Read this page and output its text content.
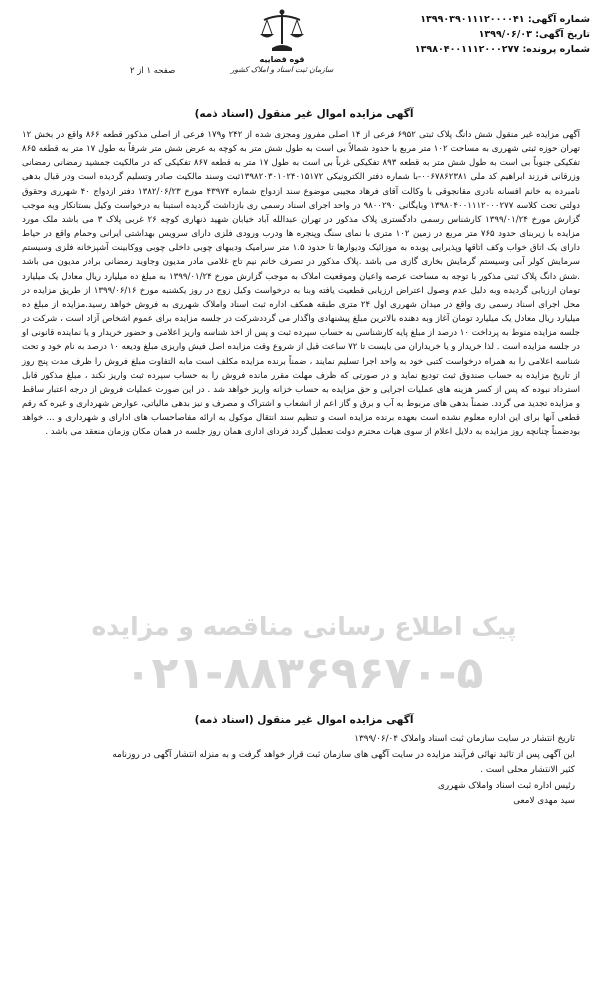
شماره آگهی: ۱۳۹۹۰۳۹۰۱۱۱۲۰۰۰۰۴۱
تاریخ آگهی: ۱۳۹۹/۰۶/۰۳
شماره پرونده: ۱۳۹۸۰۴۰۰۱۱۱۲۰۰۰۲۷۷
قوه قضاییه
سازمان ثبت اسناد و املاک کشور
صفحه ۱ از ۲
آگهی مزایده اموال غیر منقول (اسناد ذمه)
آگهی مزایده غیر منقول شش دانگ پلاک ثبتی ۶۹۵۲ فرعی از ۱۴ اصلی مفروز ومجزی شده از ۲۴۲ و۱۷۹ فرعی از اصلی مذکور قطعه ۸۶۶ واقع در بخش ۱۲ تهران حوزه ثبتی شهرری به مساحت ۱۰۲ متر مربع با حدود شمالاً بی است به طول شش متر به کوچه به عرض شش متر شرقاً به طول ۱۷ متر به قطعه ۸۶۵ تفکیکی جنوباً بی است به طول شش متر به قطعه ۸۹۳ تفکیکی غرباً بی است به طول ۱۷ متر به قطعه ۸۶۷ تفکیکی که در مالکیت جمشید رمضانی رمضانی وزرقانی فرزند ابراهیم کد ملی ۰۰۶۷۸۶۲۳۸۱-با شماره دفتر الکترونیکی ۱۳۹۸۲۰۳۰۱۰۲۴۰۱۵۱۷۲ثبت وسند مالکیت صادر وتسلیم گردیده است ودر قبال بدهی نامبرده به خانم افسانه نادری مقانجوقی با وکالت آقای فرهاد مجیبی موضوع سند ازدواج شماره ۴۳۹۷۴ مورخ ۱۳۸۲/۰۶/۲۳ دفتر ازدواج ۴۰ شهرری وحقوق دولتی تحت کلاسه ۱۳۹۸۰۴۰۰۱۱۱۲۰۰۰۲۷۷ وبایگانی ۹۸۰۰۲۹۰ در واحد اجرای اسناد رسمی ری بازداشت گردیده استبنا به درخواست وکیل بستانکار وبه موجب گزارش مورخ ۱۳۹۹/۰۱/۲۴ کارشناس رسمی دادگستری پلاک مذکور در تهران عبدالله آباد خیابان شهید ذنهاری کوچه ۲۶ غربی پلاک ۳ می باشد ملک مورد مزایده با زیربنای حدود ۷۶۵ متر مربع در زمین ۱۰۲ متری با نمای سنگ وپنجره ها ودرب ورودی فلزی دارای سرویس بهداشتی ایرانی وحمام واقع در حیاط دارای یک اتاق خواب وکف اتاقها وپذیرایی پوبده به موزائیک ودیوارها تا حدود ۱.۵ متر سرامیک ودیبهای چوبی داخلی چوبی ووکابینت آشپزخانه فلزی وسیستم سرمایش کولر آبی وسیستم گرمایش بخاری گازی می باشد .پلاک مذکور در تصرف خانم نیم تاج غلامی مادر مدیون وجاوید رمضانی برادر مدیون می باشد .شش دانگ پلاک ثبتی مذکور با توجه به مساحت عرصه واعیان وموقعیت املاک به موجب گزارش مورخ ۱۳۹۹/۰۱/۲۴ به مبلغ ده میلیارد ریال معادل یک میلیارد تومان ارزیابی گردیده وبه دلیل عدم وصول اعتراض ارزیابی قطعیت یافته وبنا به درخواست وکیل زوج در روز یکشنبه مورخ ۱۳۹۹/۰۶/۱۶ از طریق مزایده در محل اجرای اسناد رسمی ری واقع در میدان شهرری اول ۲۴ متری طبقه همکف اداره ثبت اسناد واملاک شهرری به فروش خواهد رسید.مزایده از مبلغ ده میلیارد ریال معادل یک میلیارد تومان آغاز وبه دهنده بالاترین مبلغ پیشنهادی واگذار می گرددشرکت در جلسه مزایده برای عموم اشخاص آزاد است ، شرکت در جلسه مزایده منوط به پرداخت ۱۰ درصد از مبلغ پایه کارشناسی به حساب سپرده ثبت و پس از اخذ شناسه واریز اعلامی و حضور خریدار و یا نماینده قانونی او در جلسه مزایده است . لذا خریدار و یا خریداران می بایست تا ۷۲ ساعت قبل از شروع وقت مزایده اصل فیش واریزی مبلغ ودیعه ۱۰ درصد به نام خود و تحت شناسه اعلامی را به همراه درخواست کتبی خود به واحد اجرا تسلیم نمایند ، ضمناً برنده مزایده مکلف است مابه التفاوت مبلغ فروش را ظرف مدت پنج روز از تاریخ مزایده به حساب صندوق ثبت تودیع نماید و در صورتی که ظرف مهلت مقرر مانده فروش را به حساب سپرده ثبت واریز نکند ، مبلغ مذکور قابل استرداد نبوده که پس از کسر هزینه های عملیات اجرایی و حق مزایده به حساب خزانه واریز خواهد شد . در این صورت عملیات فروش از درجه اعتبار ساقط و مزایده تجدید می گردد. ضمناً بدهی های مربوط به آب و برق و گاز اعم از انشعاب و اشتراک و مصرف و نیز بدهی مالیاتی، عوارض شهرداری و غیره که رقم قطعی آنها برای این اداره معلوم نشده است بعهده برنده مزایده است و تنظیم سند انتقال موکول به ارائه مفاصاحساب های ادارای و شهرداری و ... خواهد بودضمناً چنانچه روز مزایده به دلایل اعلام از سوی هیات محترم دولت تعطیل گردد فردای اداری همان روز جلسه در همان مکان وزمان منعقد می باشد .
پیک اطلاع رسانی مناقصه و مزایده
۰۲۱-۸۸۳۶۹۶۷۰-۵
آگهی مزایده اموال غیر منقول (اسناد ذمه)
تاریخ انتشار در سایت سازمان ثبت اسناد واملاک ۱۳۹۹/۰۶/۰۴
این آگهی پس از تائید نهائی فرآیند مزایده در سایت آگهی های سازمان ثبت قرار خواهد گرفت و به منزله انتشار آگهی در روزنامه
کثیر الانتشار محلی است .
رئیس اداره ثبت اسناد واملاک شهرری
سید مهدی لامعی
